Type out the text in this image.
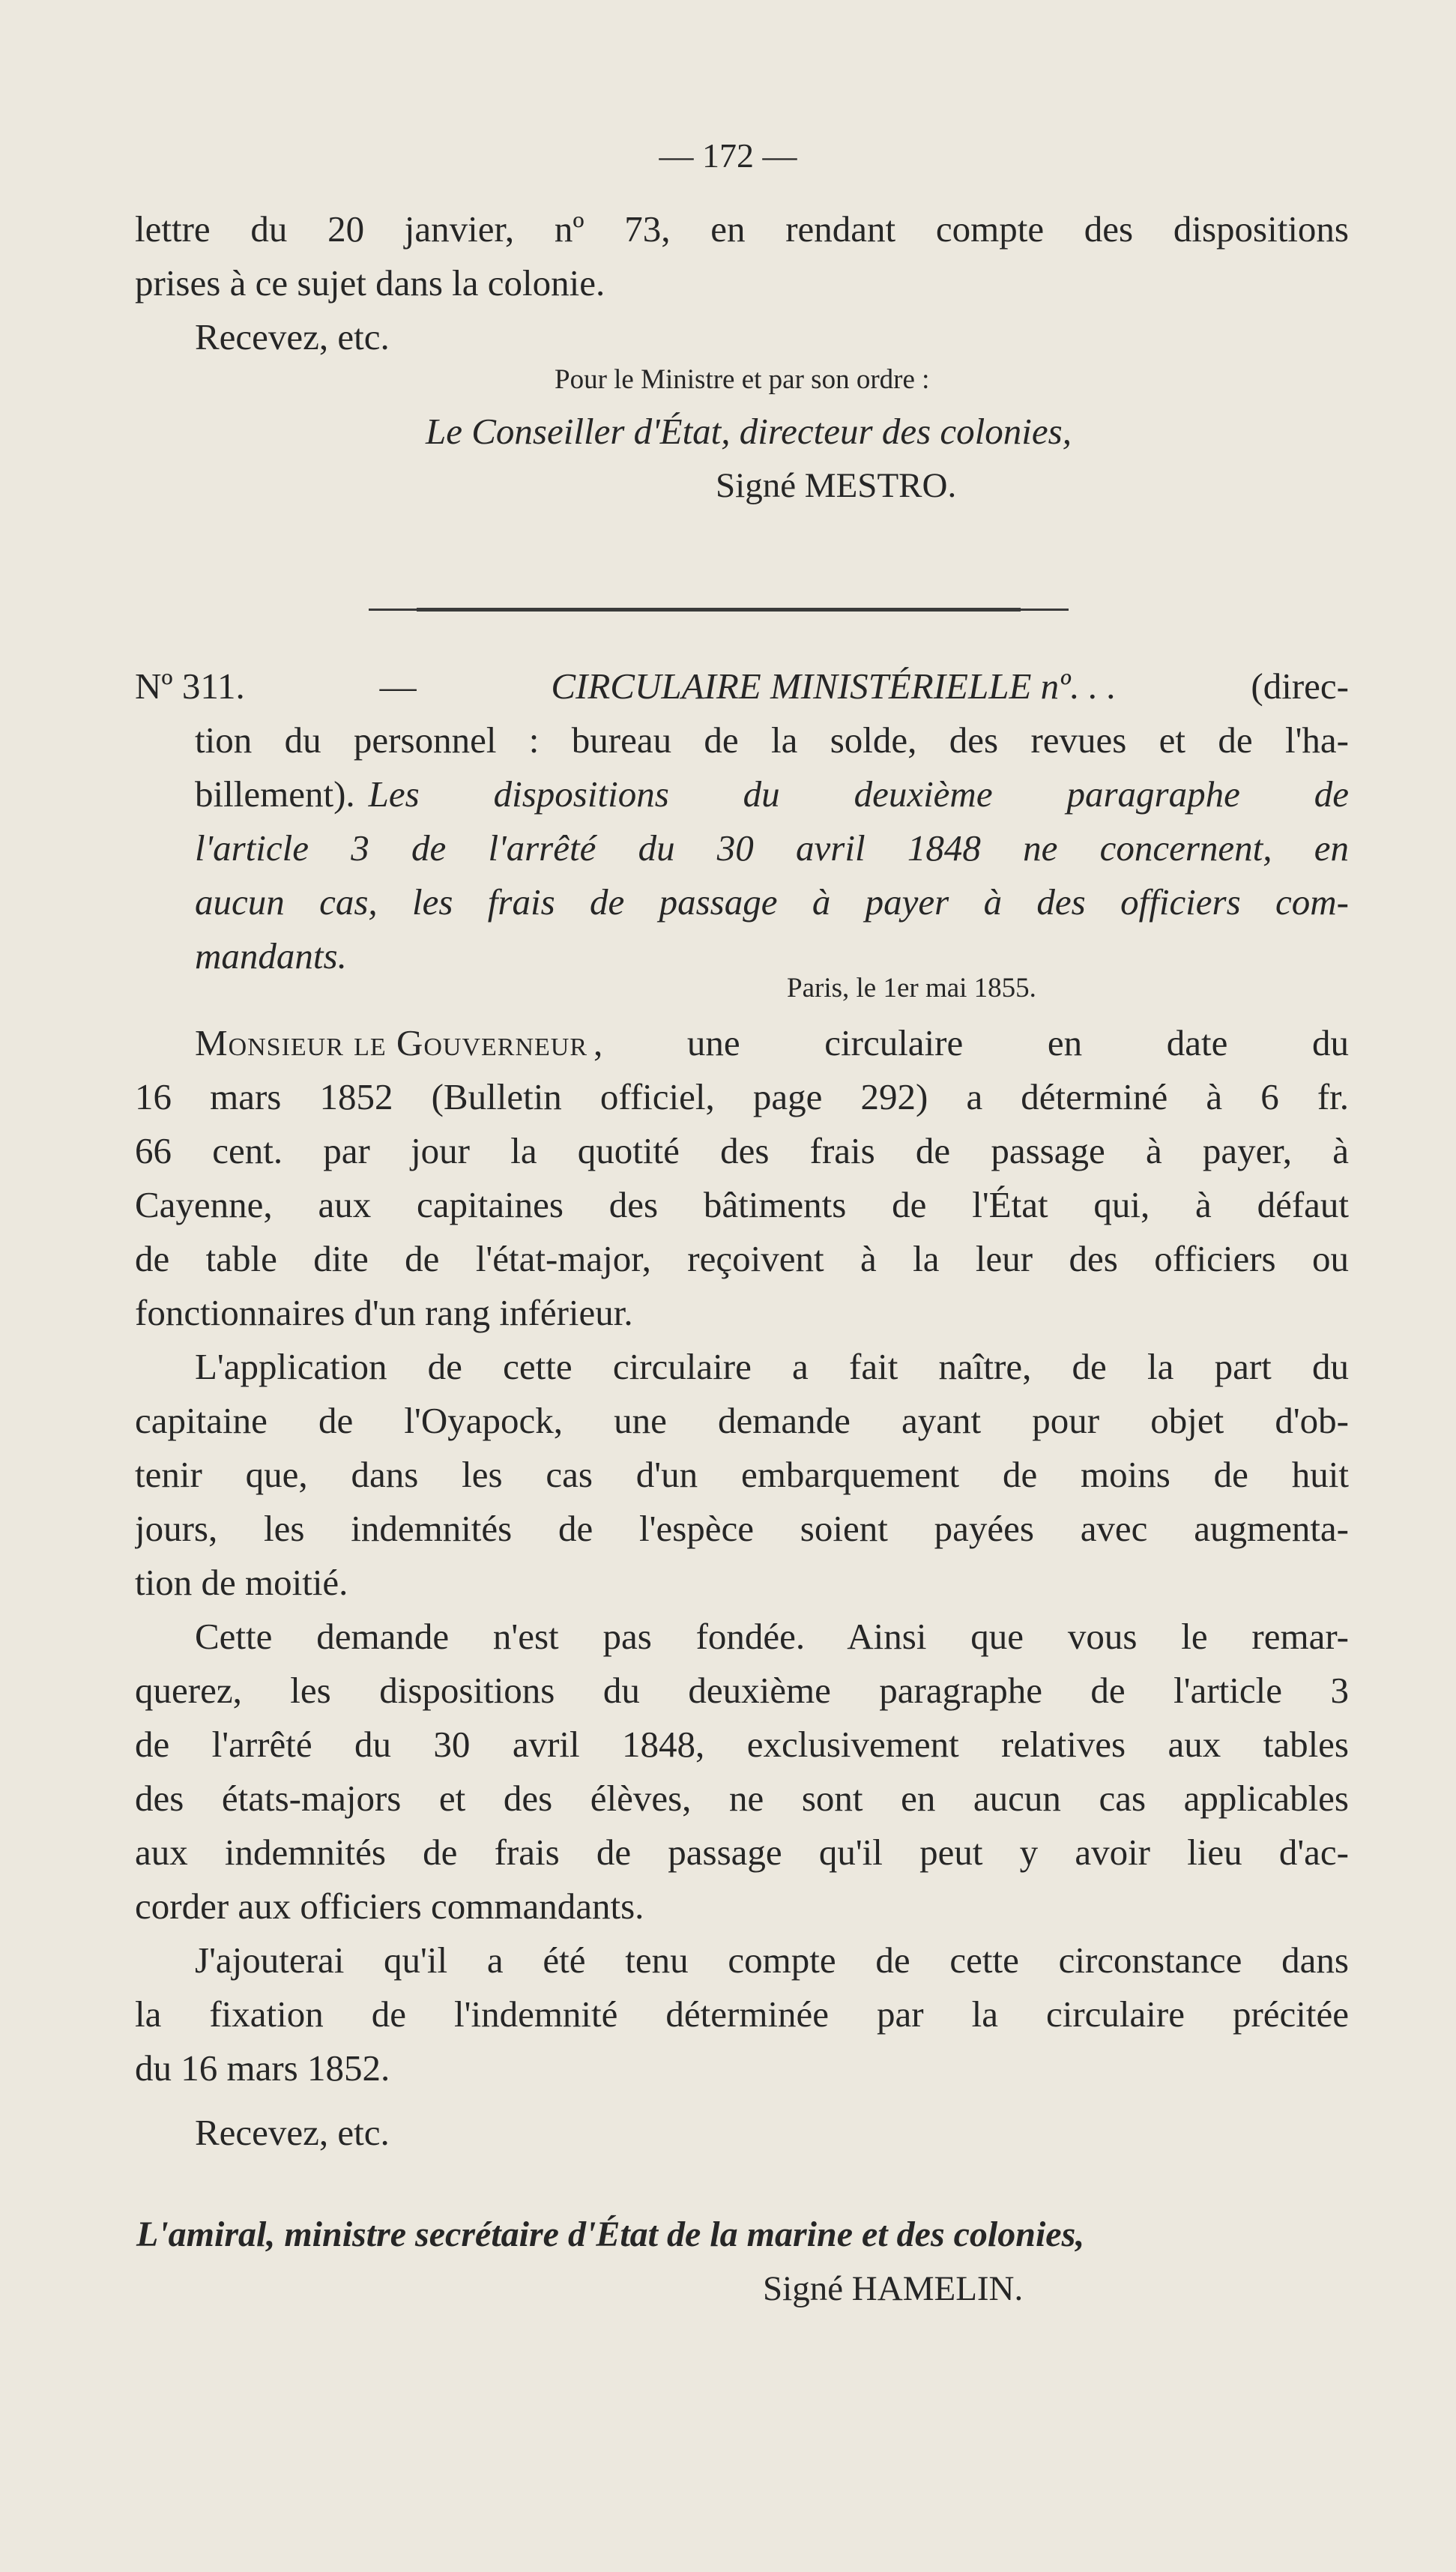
— 172 —
lettre du 20 janvier, nº 73, en rendant compte des dispositions
prises à ce sujet dans la colonie.
Recevez, etc.
Pour le Ministre et par son ordre :
Le Conseiller d'État, directeur des colonies,
Signé MESTRO.
Nº 311.	—	CIRCULAIRE MINISTÉRIELLE nº. . .	(direc-
tion du personnel : bureau de la solde, des revues et de l'ha-
billement). Les dispositions du deuxième paragraphe de
l'article 3 de l'arrêté du 30 avril 1848 ne concernent, en
aucun cas, les frais de passage à payer à des officiers com-
mandants.
Paris, le 1er mai 1855.
Monsieur le Gouverneur , une circulaire en date du
16 mars 1852 (Bulletin officiel, page 292) a déterminé à 6 fr.
66 cent. par jour la quotité des frais de passage à payer, à
Cayenne, aux capitaines des bâtiments de l'État qui, à défaut
de table dite de l'état-major, reçoivent à la leur des officiers ou
fonctionnaires d'un rang inférieur.
L'application de cette circulaire a fait naître, de la part du
capitaine de l'Oyapock, une demande ayant pour objet d'ob-
tenir que, dans les cas d'un embarquement de moins de huit
jours, les indemnités de l'espèce soient payées avec augmenta-
tion de moitié.
Cette demande n'est pas fondée. Ainsi que vous le remar-
querez, les dispositions du deuxième paragraphe de l'article 3
de l'arrêté du 30 avril 1848, exclusivement relatives aux tables
des états-majors et des élèves, ne sont en aucun cas applicables
aux indemnités de frais de passage qu'il peut y avoir lieu d'ac-
corder aux officiers commandants.
J'ajouterai qu'il a été tenu compte de cette circonstance dans
la fixation de l'indemnité déterminée par la circulaire précitée
du 16 mars 1852.
Recevez, etc.
L'amiral, ministre secrétaire d'État de la marine et des colonies,
Signé HAMELIN.
